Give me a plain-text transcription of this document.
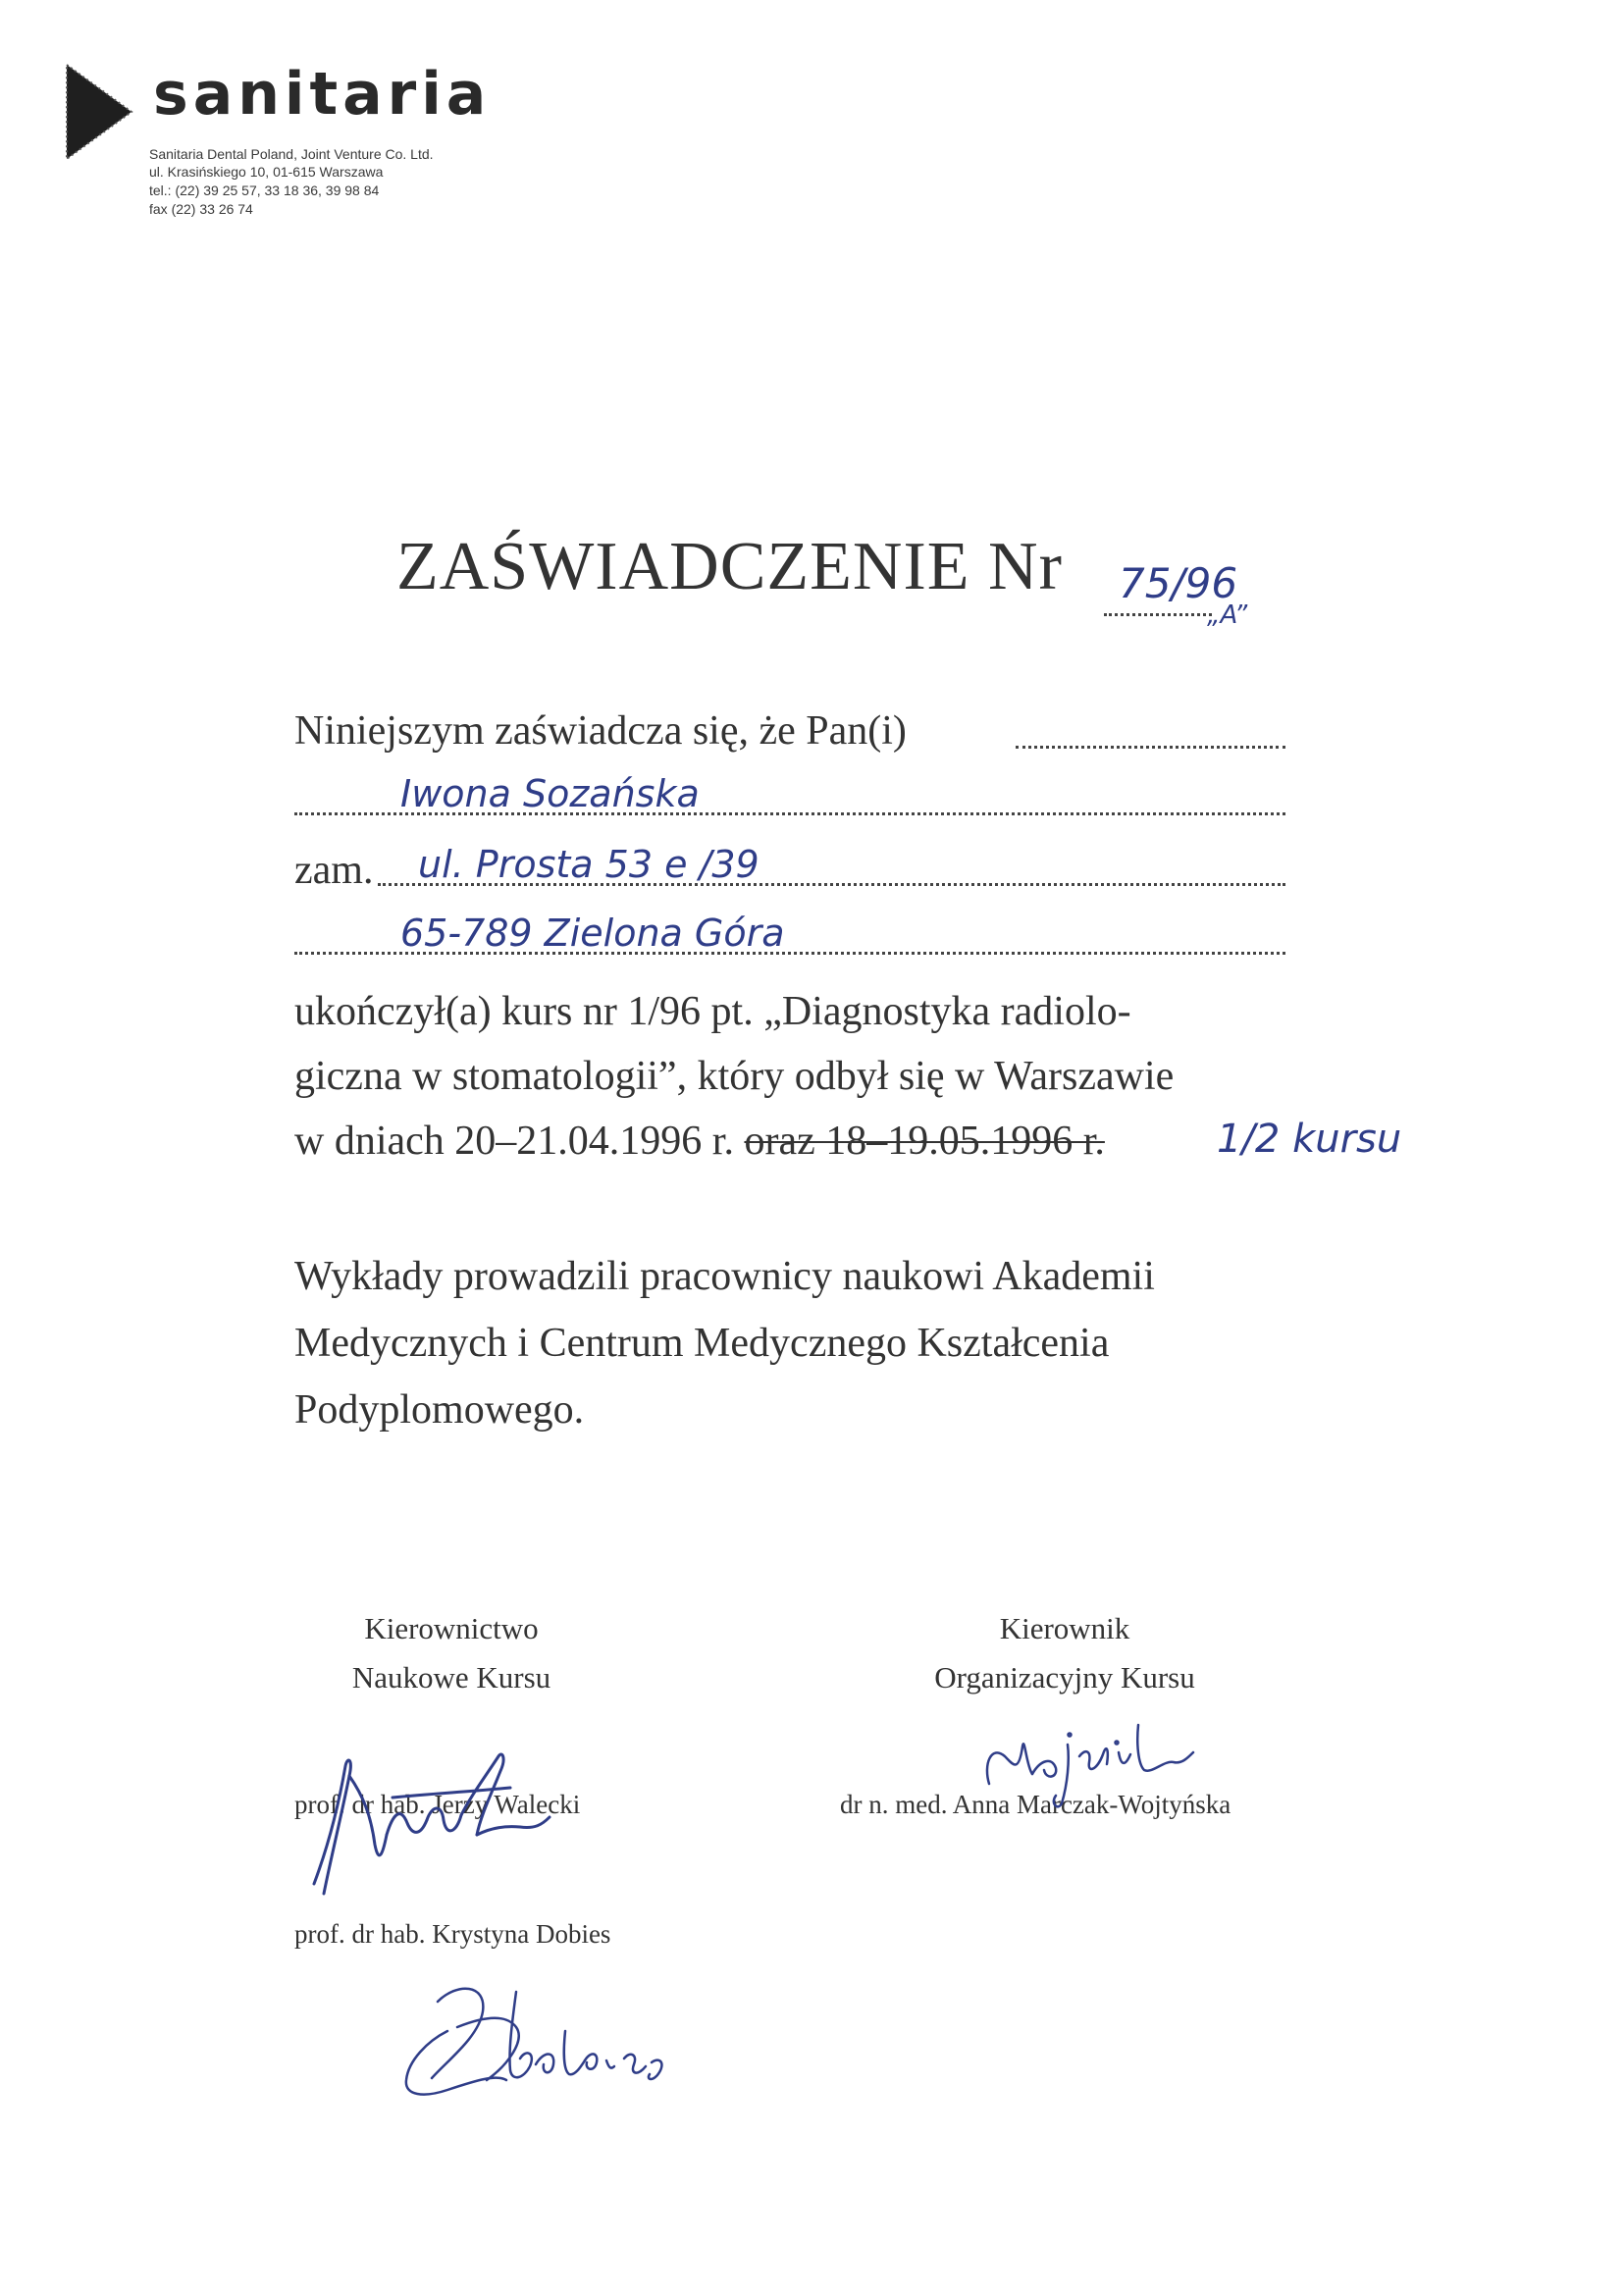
sanitaria
Sanitaria Dental Poland, Joint Venture Co. Ltd.
ul. Krasińskiego 10, 01-615 Warszawa
tel.: (22) 39 25 57, 33 18 36, 39 98 84
fax (22) 33 26 74
ZAŚWIADCZENIE Nr 75/96
„A”
Niniejszym zaświadcza się, że Pan(i)
Iwona Sozańska
zam. ul. Prosta 53 e /39
65-789 Zielona Góra
ukończył(a) kurs nr 1/96 pt. „Diagnostyka radiolo-
giczna w stomatologii”, który odbył się w Warszawie
w dniach 20–21.04.1996 r. oraz 18–19.05.1996 r.	1/2 kursu
Wykłady prowadzili pracownicy naukowi Akademii
Medycznych i Centrum Medycznego Kształcenia
Podyplomowego.
Kierownictwo
Naukowe Kursu
Kierownik
Organizacyjny Kursu
prof. dr hab. Jerzy Walecki	dr n. med. Anna Marczak-Wojtyńska
prof. dr hab. Krystyna Dobies
